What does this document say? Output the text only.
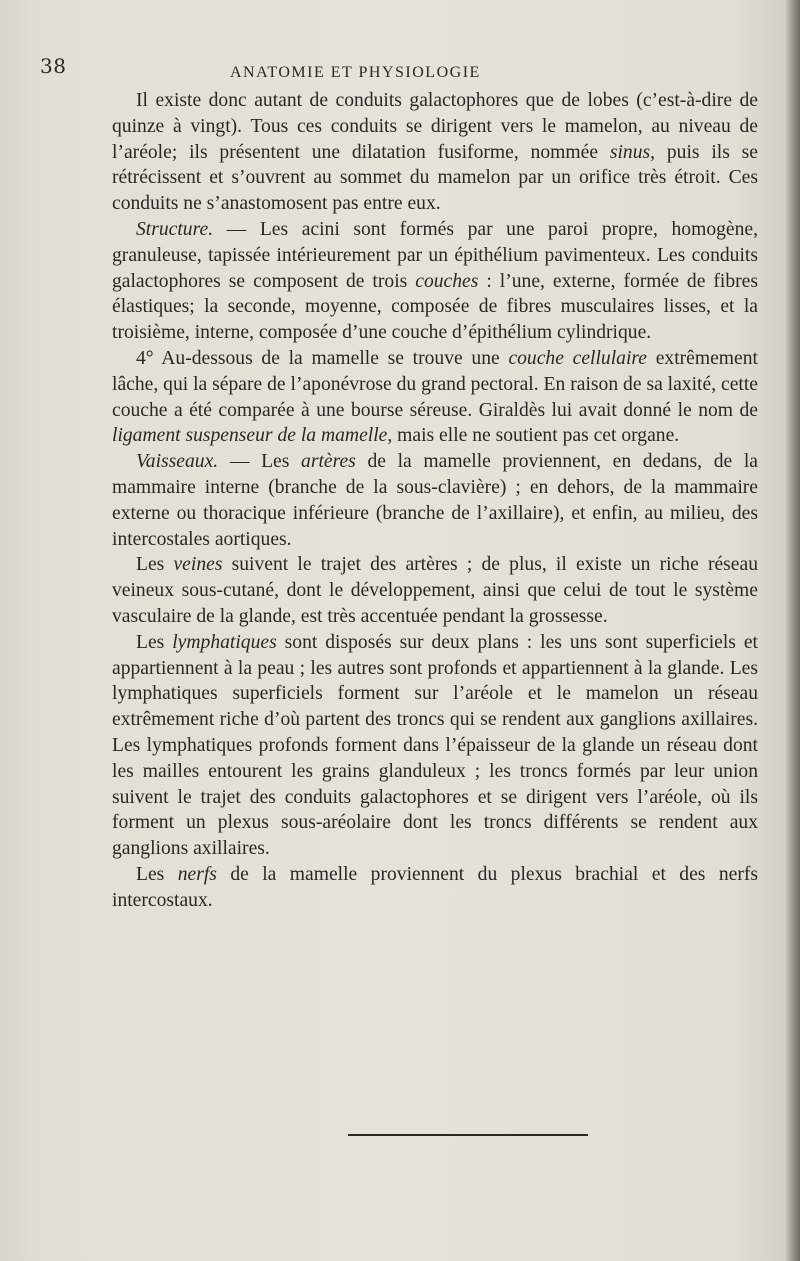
38	ANATOMIE ET PHYSIOLOGIE

Il existe donc autant de conduits galactophores que de lobes (c’est-à-dire de quinze à vingt). Tous ces conduits se dirigent vers le mamelon, au niveau de l’aréole; ils présentent une dilatation fusiforme, nommée sinus, puis ils se rétrécissent et s’ouvrent au sommet du mamelon par un orifice très étroit. Ces conduits ne s’anastomosent pas entre eux.

Structure. — Les acini sont formés par une paroi propre, homogène, granuleuse, tapissée intérieurement par un épithélium pavimenteux. Les conduits galactophores se composent de trois couches : l’une, externe, formée de fibres élastiques; la seconde, moyenne, composée de fibres musculaires lisses, et la troisième, interne, composée d’une couche d’épithélium cylindrique.

4° Au-dessous de la mamelle se trouve une couche cellulaire extrêmement lâche, qui la sépare de l’aponévrose du grand pectoral. En raison de sa laxité, cette couche a été comparée à une bourse séreuse. Giraldès lui avait donné le nom de ligament suspenseur de la mamelle, mais elle ne soutient pas cet organe.

Vaisseaux. — Les artères de la mamelle proviennent, en dedans, de la mammaire interne (branche de la sous-clavière) ; en dehors, de la mammaire externe ou thoracique inférieure (branche de l’axillaire), et enfin, au milieu, des intercostales aortiques.

Les veines suivent le trajet des artères ; de plus, il existe un riche réseau veineux sous-cutané, dont le développement, ainsi que celui de tout le système vasculaire de la glande, est très accentuée pendant la grossesse.

Les lymphatiques sont disposés sur deux plans : les uns sont superficiels et appartiennent à la peau ; les autres sont profonds et appartiennent à la glande. Les lymphatiques superficiels forment sur l’aréole et le mamelon un réseau extrêmement riche d’où partent des troncs qui se rendent aux ganglions axillaires. Les lymphatiques profonds forment dans l’épaisseur de la glande un réseau dont les mailles entourent les grains glanduleux ; les troncs formés par leur union suivent le trajet des conduits galactophores et se dirigent vers l’aréole, où ils forment un plexus sous-aréolaire dont les troncs différents se rendent aux ganglions axillaires.

Les nerfs de la mamelle proviennent du plexus brachial et des nerfs intercostaux.
